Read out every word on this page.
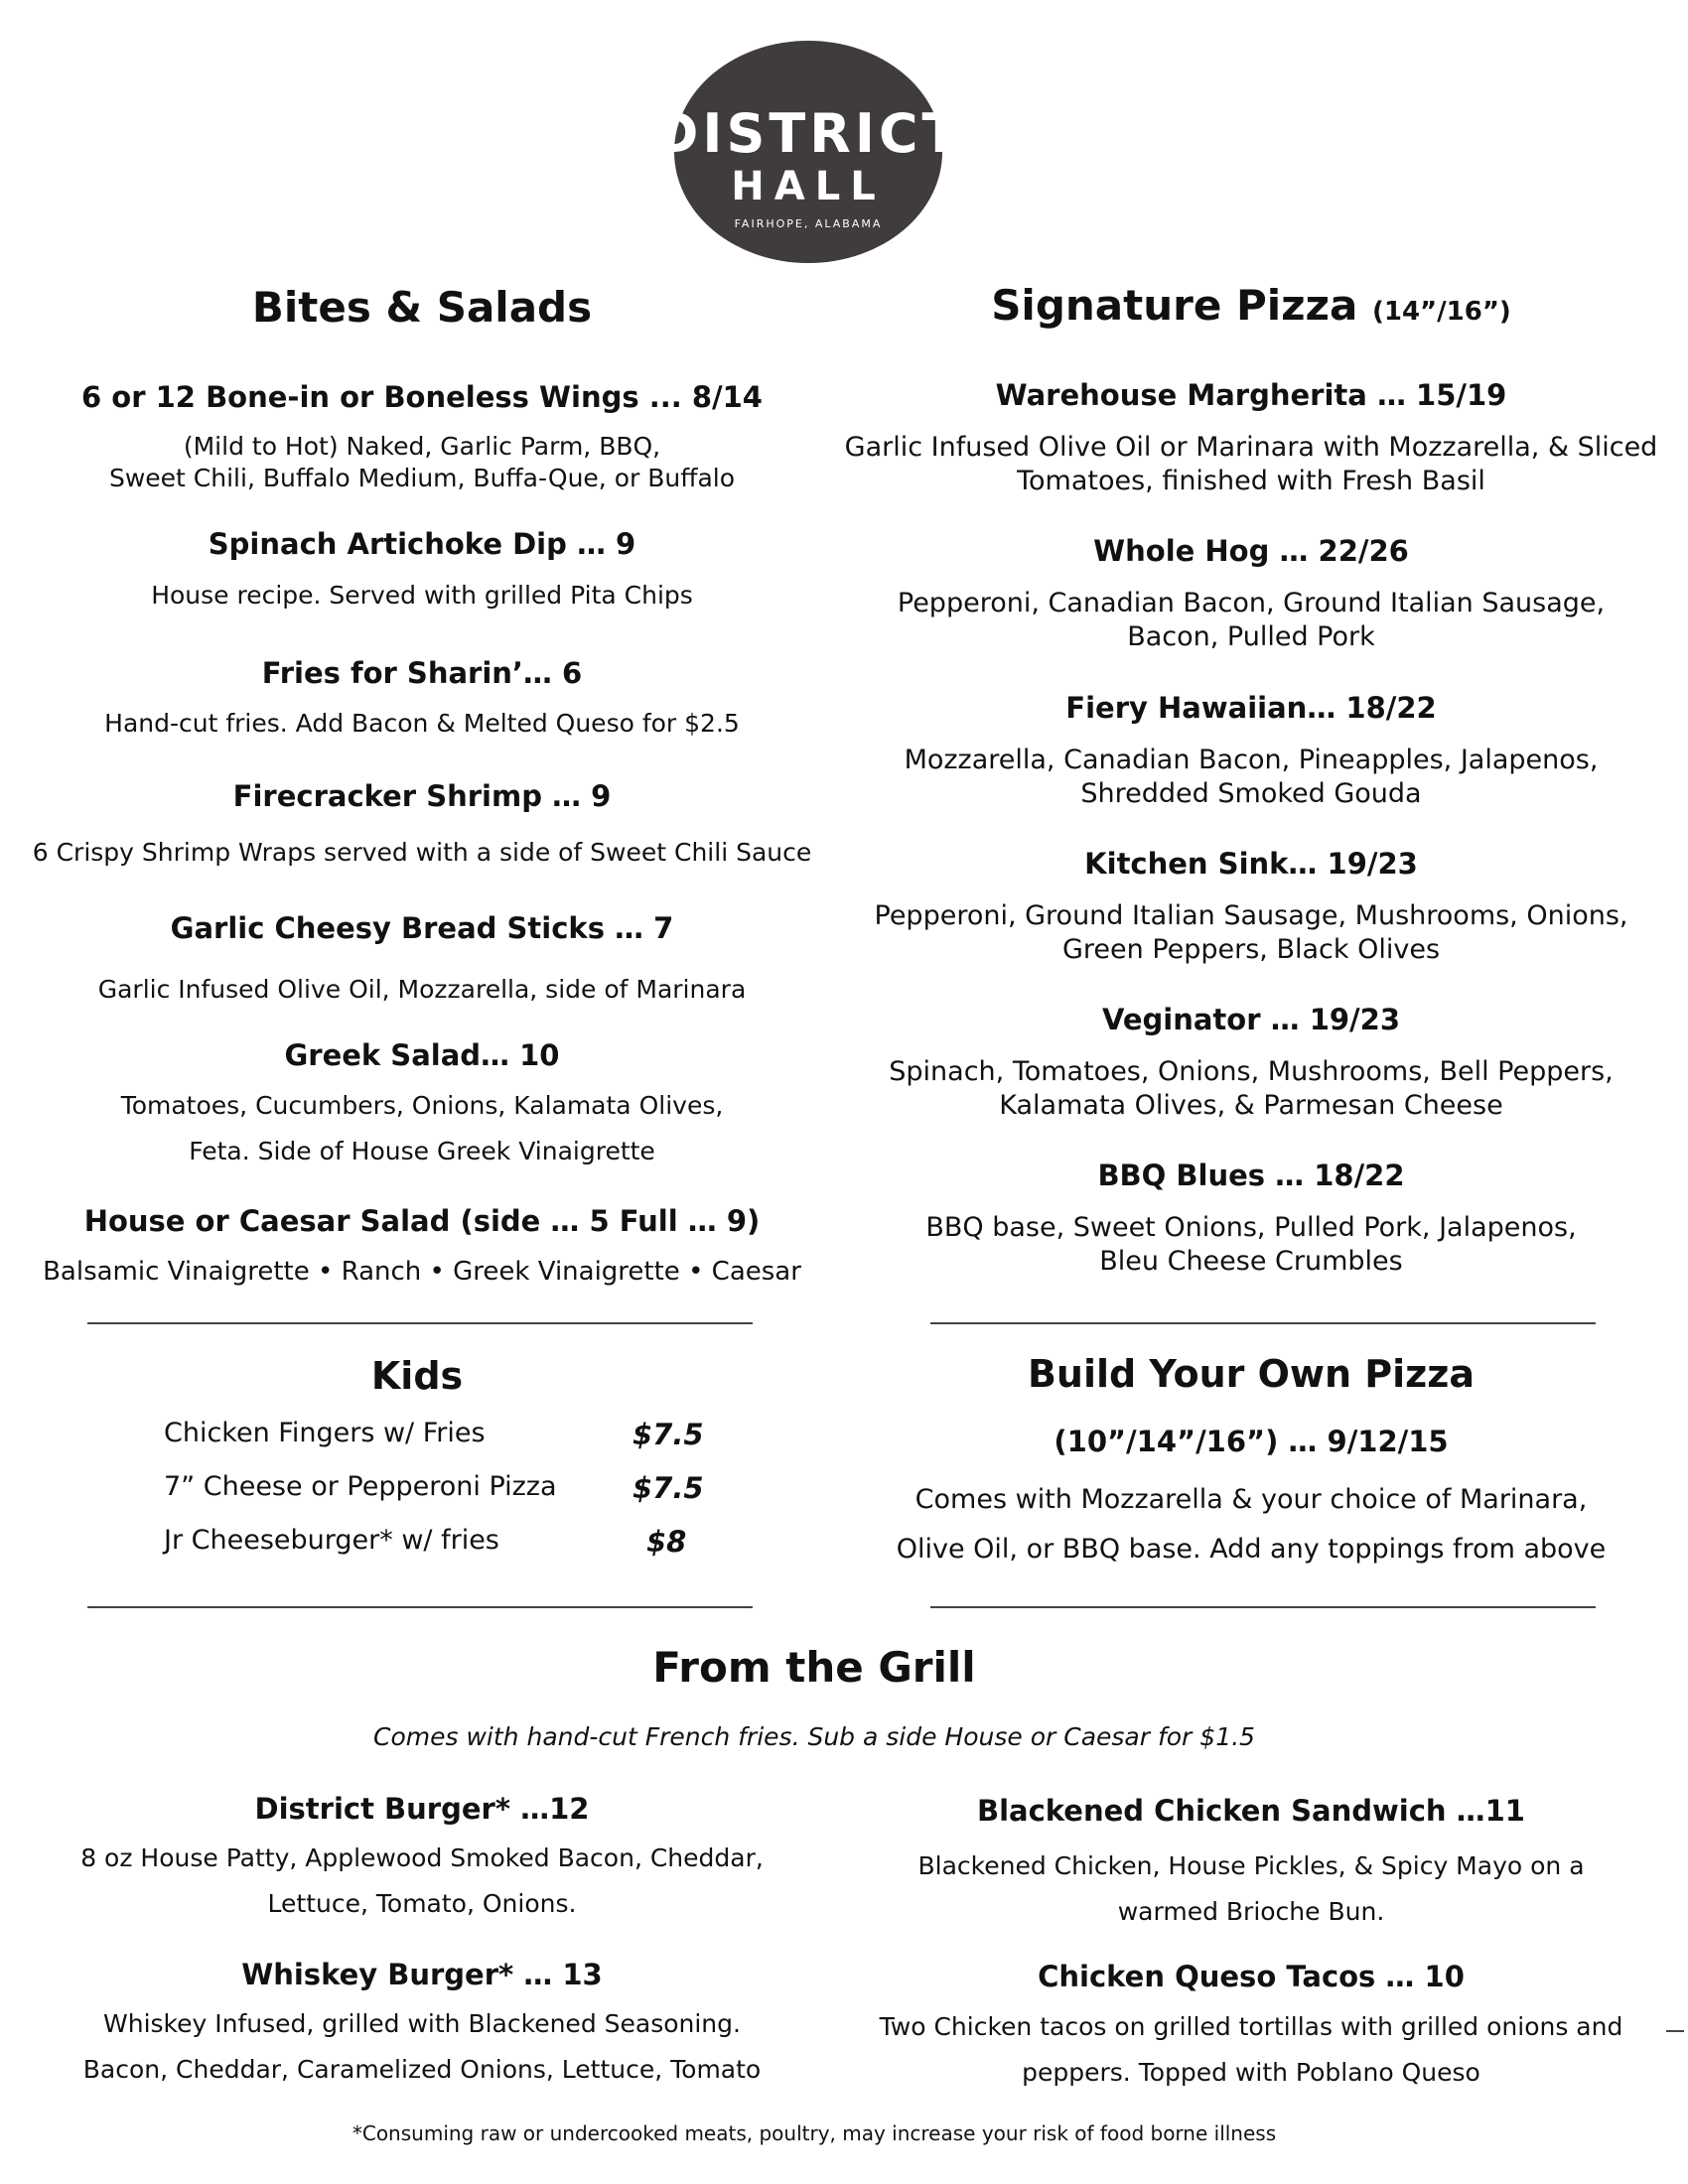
DISTRICT
HALL
FAIRHOPE, ALABAMA
Bites & Salads
6 or 12 Bone-in or Boneless Wings ... 8/14
(Mild to Hot) Naked, Garlic Parm, BBQ,
Sweet Chili, Buffalo Medium, Buffa-Que, or Buffalo
Spinach Artichoke Dip … 9
House recipe. Served with grilled Pita Chips
Fries for Sharin’… 6
Hand-cut fries. Add Bacon & Melted Queso for $2.5
Firecracker Shrimp … 9
6 Crispy Shrimp Wraps served with a side of Sweet Chili Sauce
Garlic Cheesy Bread Sticks … 7
Garlic Infused Olive Oil, Mozzarella, side of Marinara
Greek Salad… 10
Tomatoes, Cucumbers, Onions, Kalamata Olives,
Feta. Side of House Greek Vinaigrette
House or Caesar Salad (side … 5 Full … 9)
Balsamic Vinaigrette • Ranch • Greek Vinaigrette • Caesar
Signature Pizza (14”/16”)
Warehouse Margherita … 15/19
Garlic Infused Olive Oil or Marinara with Mozzarella, & Sliced
Tomatoes, finished with Fresh Basil
Whole Hog … 22/26
Pepperoni, Canadian Bacon, Ground Italian Sausage,
Bacon, Pulled Pork
Fiery Hawaiian… 18/22
Mozzarella, Canadian Bacon, Pineapples, Jalapenos,
Shredded Smoked Gouda
Kitchen Sink… 19/23
Pepperoni, Ground Italian Sausage, Mushrooms, Onions,
Green Peppers, Black Olives
Veginator … 19/23
Spinach, Tomatoes, Onions, Mushrooms, Bell Peppers,
Kalamata Olives, & Parmesan Cheese
BBQ Blues … 18/22
BBQ base, Sweet Onions, Pulled Pork, Jalapenos,
Bleu Cheese Crumbles
Kids
Chicken Fingers w/ Fries	$7.5
7” Cheese or Pepperoni Pizza	$7.5
Jr Cheeseburger* w/ fries	$8
Build Your Own Pizza
(10”/14”/16”) … 9/12/15
Comes with Mozzarella & your choice of Marinara,
Olive Oil, or BBQ base. Add any toppings from above
From the Grill
Comes with hand-cut French fries. Sub a side House or Caesar for $1.5
District Burger* …12
8 oz House Patty, Applewood Smoked Bacon, Cheddar,
Lettuce, Tomato, Onions.
Whiskey Burger* … 13
Whiskey Infused, grilled with Blackened Seasoning.
Bacon, Cheddar, Caramelized Onions, Lettuce, Tomato
Blackened Chicken Sandwich …11
Blackened Chicken, House Pickles, & Spicy Mayo on a
warmed Brioche Bun.
Chicken Queso Tacos … 10
Two Chicken tacos on grilled tortillas with grilled onions and
peppers. Topped with Poblano Queso
*Consuming raw or undercooked meats, poultry, may increase your risk of food borne illness
